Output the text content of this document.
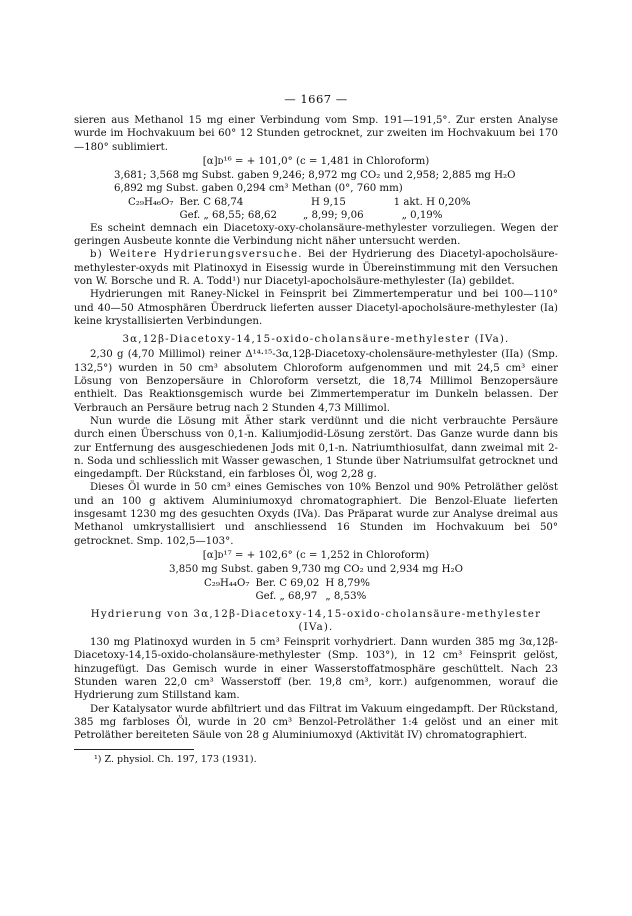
— 1667 —

sieren aus Methanol 15 mg einer Verbindung vom Smp. 191—191,5°. Zur ersten Analyse wurde im Hochvakuum bei 60° 12 Stunden getrocknet, zur zweiten im Hochvakuum bei 170—180° sublimiert.

[α]ᴅ¹⁶ = + 101,0° (c = 1,481 in Chloroform)

3,681; 3,568 mg Subst. gaben 9,246; 8,972 mg CO₂ und 2,958; 2,885 mg H₂O

6,892 mg Subst. gaben 0,294 cm³ Methan (0°, 760 mm)

C₂₉H₄₆O₇	Ber. C 68,74	H 9,15	1 akt. H 0,20%
	Gef. „ 68,55; 68,62	„ 8,99; 9,06	„ 0,19%

Es scheint demnach ein Diacetoxy-oxy-cholansäure-methylester vorzuliegen. Wegen der geringen Ausbeute konnte die Verbindung nicht näher untersucht werden.

b) Weitere Hydrierungsversuche. Bei der Hydrierung des Diacetyl-apocholsäure-methylester-oxyds mit Platinoxyd in Eisessig wurde in Übereinstimmung mit den Versuchen von W. Borsche und R. A. Todd¹) nur Diacetyl-apocholsäure-methylester (Ia) gebildet.

Hydrierungen mit Raney-Nickel in Feinsprit bei Zimmertemperatur und bei 100—110° und 40—50 Atmosphären Überdruck lieferten ausser Diacetyl-apocholsäure-methylester (Ia) keine krystallisierten Verbindungen.

3α,12β-Diacetoxy-14,15-oxido-cholansäure-methylester (IVa).

2,30 g (4,70 Millimol) reiner Δ¹⁴·¹⁵-3α,12β-Diacetoxy-cholensäure-methylester (IIa) (Smp. 132,5°) wurden in 50 cm³ absolutem Chloroform aufgenommen und mit 24,5 cm³ einer Lösung von Benzopersäure in Chloroform versetzt, die 18,74 Millimol Benzopersäure enthielt. Das Reaktionsgemisch wurde bei Zimmertemperatur im Dunkeln belassen. Der Verbrauch an Persäure betrug nach 2 Stunden 4,73 Millimol.

Nun wurde die Lösung mit Äther stark verdünnt und die nicht verbrauchte Persäure durch einen Überschuss von 0,1-n. Kaliumjodid-Lösung zerstört. Das Ganze wurde dann bis zur Entfernung des ausgeschiedenen Jods mit 0,1-n. Natriumthiosulfat, dann zweimal mit 2-n. Soda und schliesslich mit Wasser gewaschen, 1 Stunde über Natriumsulfat getrocknet und eingedampft. Der Rückstand, ein farbloses Öl, wog 2,28 g.

Dieses Öl wurde in 50 cm³ eines Gemisches von 10% Benzol und 90% Petroläther gelöst und an 100 g aktivem Aluminiumoxyd chromatographiert. Die Benzol-Eluate lieferten insgesamt 1230 mg des gesuchten Oxyds (IVa). Das Präparat wurde zur Analyse dreimal aus Methanol umkrystallisiert und anschliessend 16 Stunden im Hochvakuum bei 50° getrocknet. Smp. 102,5—103°.

[α]ᴅ¹⁷ = + 102,6° (c = 1,252 in Chloroform)

3,850 mg Subst. gaben 9,730 mg CO₂ und 2,934 mg H₂O

C₂₉H₄₄O₇	Ber. C 69,02	H 8,79%
	Gef. „ 68,97	„ 8,53%

Hydrierung von 3α,12β-Diacetoxy-14,15-oxido-cholansäure-methylester (IVa).

130 mg Platinoxyd wurden in 5 cm³ Feinsprit vorhydriert. Dann wurden 385 mg 3α,12β-Diacetoxy-14,15-oxido-cholansäure-methylester (Smp. 103°), in 12 cm³ Feinsprit gelöst, hinzugefügt. Das Gemisch wurde in einer Wasserstoffatmosphäre geschüttelt. Nach 23 Stunden waren 22,0 cm³ Wasserstoff (ber. 19,8 cm³, korr.) aufgenommen, worauf die Hydrierung zum Stillstand kam.

Der Katalysator wurde abfiltriert und das Filtrat im Vakuum eingedampft. Der Rückstand, 385 mg farbloses Öl, wurde in 20 cm³ Benzol-Petroläther 1:4 gelöst und an einer mit Petroläther bereiteten Säule von 28 g Aluminiumoxyd (Aktivität IV) chromatographiert.

¹) Z. physiol. Ch. 197, 173 (1931).
